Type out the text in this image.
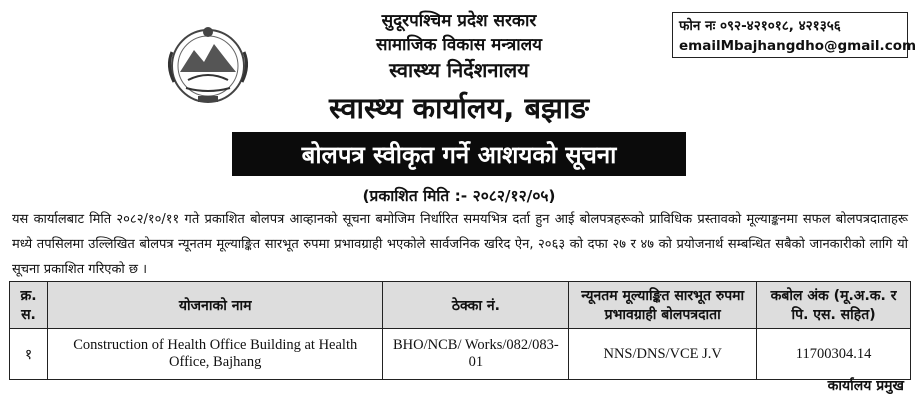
सुदूरपश्चिम प्रदेश सरकार
सामाजिक विकास मन्त्रालय
स्वास्थ्य निर्देशनालय
स्वास्थ्य कार्यालय, बझाङ
फोन नः ०९२-४२१०१८, ४२१३५६
emailMbajhangdho@gmail.com
बोलपत्र स्वीकृत गर्ने आशयको सूचना
(प्रकाशित मिति :- २०८२/१२/०५)
यस कार्यालबाट मिति २०८२/१०/११ गते प्रकाशित बोलपत्र आव्हानको सूचना बमोजिम निर्धारित समयभित्र दर्ता हुन आई बोलपत्रहरूको प्राविधिक प्रस्तावको मूल्याङ्कनमा सफल बोलपत्रदाताहरू मध्ये तपसिलमा उल्लिखित बोलपत्र न्यूनतम मूल्याङ्कित सारभूत रुपमा प्रभावग्राही भएकोले सार्वजनिक खरिद ऐन, २०६३ को दफा २७ र ४७ को प्रयोजनार्थ सम्बन्धित सबैको जानकारीको लागि यो सूचना प्रकाशित गरिएको छ ।
क्र. स.	योजनाको नाम	ठेक्का नं.	न्यूनतम मूल्याङ्कित सारभूत रुपमा प्रभावग्राही बोलपत्रदाता	कबोल अंक (मू.अ.क. र पि. एस. सहित)
१	Construction of Health Office Building at Health Office, Bajhang	BHO/NCB/ Works/082/083-01	NNS/DNS/VCE J.V	11700304.14
कार्यालय प्रमुख
